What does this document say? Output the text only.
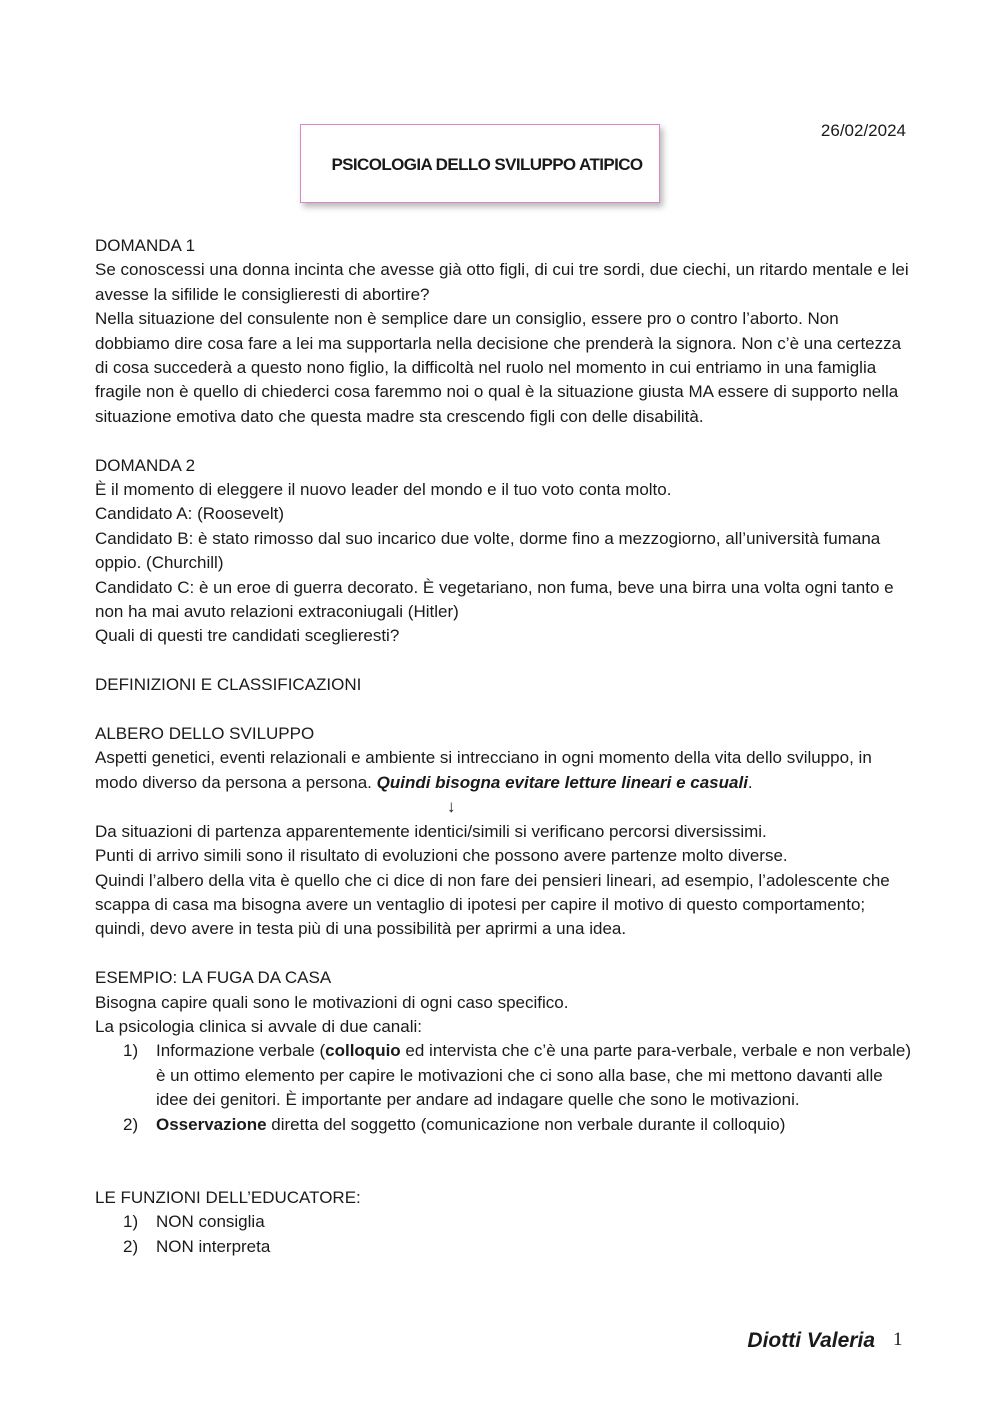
26/02/2024
PSICOLOGIA DELLO SVILUPPO ATIPICO

DOMANDA 1

Se conoscessi una donna incinta che avesse già otto figli, di cui tre sordi, due ciechi, un ritardo mentale e lei avesse la sifilide le consiglieresti di abortire?

Nella situazione del consulente non è semplice dare un consiglio, essere pro o contro l’aborto. Non dobbiamo dire cosa fare a lei ma supportarla nella decisione che prenderà la signora. Non c’è una certezza di cosa succederà a questo nono figlio, la difficoltà nel ruolo nel momento in cui entriamo in una famiglia fragile non è quello di chiederci cosa faremmo noi o qual è la situazione giusta MA essere di supporto nella situazione emotiva dato che questa madre sta crescendo figli con delle disabilità.

DOMANDA 2

È il momento di eleggere il nuovo leader del mondo e il tuo voto conta molto.

Candidato A: (Roosevelt)

Candidato B: è stato rimosso dal suo incarico due volte, dorme fino a mezzogiorno, all’università fumana oppio. (Churchill)

Candidato C: è un eroe di guerra decorato. È vegetariano, non fuma, beve una birra una volta ogni tanto e non ha mai avuto relazioni extraconiugali (Hitler)

Quali di questi tre candidati sceglieresti?

DEFINIZIONI E CLASSIFICAZIONI

ALBERO DELLO SVILUPPO

Aspetti genetici, eventi relazionali e ambiente si intrecciano in ogni momento della vita dello sviluppo, in modo diverso da persona a persona. Quindi bisogna evitare letture lineari e casuali.

↓

Da situazioni di partenza apparentemente identici/simili si verificano percorsi diversissimi.

Punti di arrivo simili sono il risultato di evoluzioni che possono avere partenze molto diverse.

Quindi l’albero della vita è quello che ci dice di non fare dei pensieri lineari, ad esempio, l’adolescente che scappa di casa ma bisogna avere un ventaglio di ipotesi per capire il motivo di questo comportamento; quindi, devo avere in testa più di una possibilità per aprirmi a una idea.

ESEMPIO: LA FUGA DA CASA

Bisogna capire quali sono le motivazioni di ogni caso specifico.

La psicologia clinica si avvale di due canali:

1)	Informazione verbale (colloquio ed intervista che c’è una parte para-verbale, verbale e non verbale) è un ottimo elemento per capire le motivazioni che ci sono alla base, che mi mettono davanti alle idee dei genitori. È importante per andare ad indagare quelle che sono le motivazioni.
2)	Osservazione diretta del soggetto (comunicazione non verbale durante il colloquio)

LE FUNZIONI DELL’EDUCATORE:

1)	NON consiglia
2)	NON interpreta
Diotti Valeria 1
